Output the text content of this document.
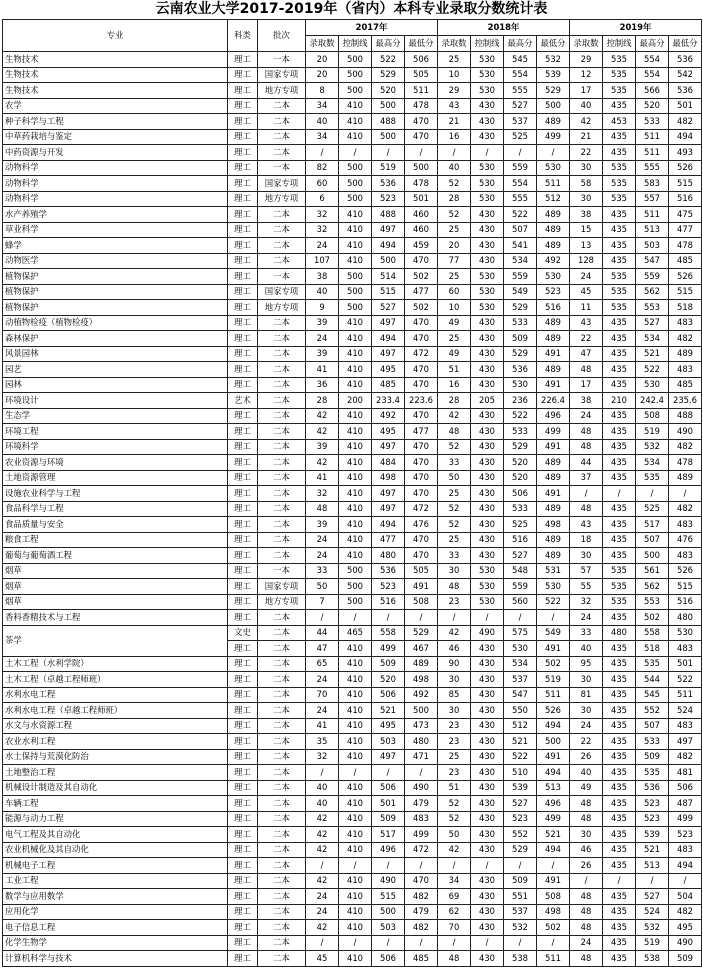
云南农业大学2017-2019年（省内）本科专业录取分数统计表
专业	科类	批次	2017年				2018年				2019年			
			录取数	控制线	最高分	最低分	录取数	控制线	最高分	最低分	录取数	控制线	最高分	最低分
生物技术	理工	一本	20	500	522	506	25	530	545	532	29	535	554	536
生物技术	理工	国家专项	20	500	529	505	10	530	554	539	12	535	554	542
生物技术	理工	地方专项	8	500	520	511	29	530	555	529	17	535	566	536
农学	理工	二本	34	410	500	478	43	430	527	500	40	435	520	501
种子科学与工程	理工	二本	40	410	488	470	21	430	537	489	42	453	533	482
中草药栽培与鉴定	理工	二本	34	410	500	470	16	430	525	499	21	435	511	494
中药资源与开发	理工	二本	/	/	/	/	/	/	/	/	22	435	511	493
动物科学	理工	一本	82	500	519	500	40	530	559	530	30	535	555	526
动物科学	理工	国家专项	60	500	536	478	52	530	554	511	58	535	583	515
动物科学	理工	地方专项	6	500	523	501	28	530	555	512	30	535	557	516
水产养殖学	理工	二本	32	410	488	460	52	430	522	489	38	435	511	475
草业科学	理工	二本	32	410	497	460	25	430	507	489	15	435	513	477
蜂学	理工	二本	24	410	494	459	20	430	541	489	13	435	503	478
动物医学	理工	二本	107	410	500	470	77	430	534	492	128	435	547	485
植物保护	理工	一本	38	500	514	502	25	530	559	530	24	535	559	526
植物保护	理工	国家专项	40	500	515	477	60	530	549	523	45	535	562	515
植物保护	理工	地方专项	9	500	527	502	10	530	529	516	11	535	553	518
动植物检疫（植物检疫）	理工	二本	39	410	497	470	49	430	533	489	43	435	527	483
森林保护	理工	二本	24	410	494	470	25	430	509	489	22	435	534	482
风景园林	理工	二本	39	410	497	472	49	430	529	491	47	435	521	489
园艺	理工	二本	41	410	495	470	51	430	536	489	48	435	522	483
园林	理工	二本	36	410	485	470	16	430	530	491	17	435	530	485
环境设计	艺术	二本	28	200	233.4	223.6	28	205	236	226.4	38	210	242.4	235.6
生态学	理工	二本	42	410	492	470	42	430	522	496	24	435	508	488
环境工程	理工	二本	42	410	495	477	48	430	533	499	48	435	519	490
环境科学	理工	二本	39	410	497	470	52	430	529	491	48	435	532	482
农业资源与环境	理工	二本	42	410	484	470	33	430	520	489	44	435	534	478
土地资源管理	理工	二本	41	410	498	470	50	430	520	489	37	435	535	489
设施农业科学与工程	理工	二本	32	410	497	470	25	430	506	491	/	/	/	/
食品科学与工程	理工	二本	48	410	497	472	52	430	533	489	48	435	525	482
食品质量与安全	理工	二本	39	410	494	476	52	430	525	498	43	435	517	483
粮食工程	理工	二本	24	410	477	470	25	430	516	489	18	435	507	476
葡萄与葡萄酒工程	理工	二本	24	410	480	470	33	430	527	489	30	435	500	483
烟草	理工	一本	33	500	536	505	30	530	548	531	57	535	561	526
烟草	理工	国家专项	50	500	523	491	48	530	559	530	55	535	562	515
烟草	理工	地方专项	7	500	516	508	23	530	560	522	32	535	553	516
香料香精技术与工程	理工	二本	/	/	/	/	/	/	/	/	24	435	502	480
茶学	文史	二本	44	465	558	529	42	490	575	549	33	480	558	530
	理工	二本	47	410	499	467	46	430	530	491	40	435	518	483
土木工程（水利学院）	理工	二本	65	410	509	489	90	430	534	502	95	435	535	501
土木工程（卓越工程师班）	理工	二本	24	410	520	498	30	430	537	519	30	435	544	522
水利水电工程	理工	二本	70	410	506	492	85	430	547	511	81	435	545	511
水利水电工程（卓越工程师班）	理工	二本	24	410	521	500	30	430	550	526	30	435	552	524
水文与水资源工程	理工	二本	41	410	495	473	23	430	512	494	24	435	507	483
农业水利工程	理工	二本	35	410	503	480	23	430	521	500	22	435	533	497
水土保持与荒漠化防治	理工	二本	32	410	497	471	25	430	522	491	26	435	509	482
土地整治工程	理工	二本	/	/	/	/	23	430	510	494	40	435	535	481
机械设计制造及其自动化	理工	二本	40	410	506	490	51	430	539	513	49	435	536	506
车辆工程	理工	二本	40	410	501	479	52	430	527	496	48	435	523	487
能源与动力工程	理工	二本	42	410	509	483	52	430	523	499	48	435	523	499
电气工程及其自动化	理工	二本	42	410	517	499	50	430	552	521	30	435	539	523
农业机械化及其自动化	理工	二本	42	410	496	472	42	430	529	494	46	435	521	483
机械电子工程	理工	二本	/	/	/	/	/	/	/	/	26	435	513	494
工业工程	理工	二本	42	410	490	470	34	430	509	491	/	/	/	/
数学与应用数学	理工	二本	24	410	515	482	69	430	551	508	48	435	527	504
应用化学	理工	二本	24	410	500	479	62	430	537	498	48	435	524	482
电子信息工程	理工	二本	42	410	503	482	70	430	532	502	48	435	532	495
化学生物学	理工	二本	/	/	/	/	/	/	/	/	24	435	519	490
计算机科学与技术	理工	二本	45	410	506	485	48	430	538	511	48	435	538	509
